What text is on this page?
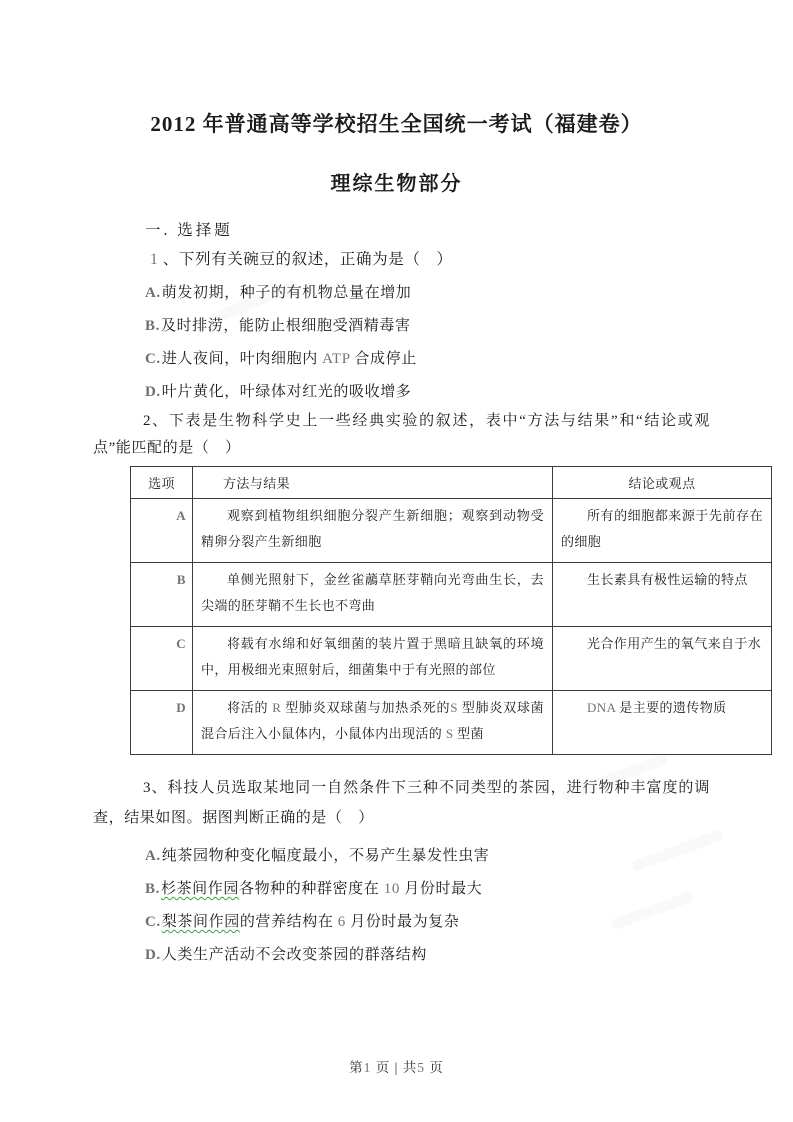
2012 年普通高等学校招生全国统一考试（福建卷）
理综生物部分

一. 选择题

1 、下列有关碗豆的叙述，正确为是（　）

A.萌发初期，种子的有机物总量在增加

B.及时排涝，能防止根细胞受酒精毒害

C.进人夜间，叶肉细胞内 ATP 合成停止

D.叶片黄化，叶绿体对红光的吸收增多

2、下表是生物科学史上一些经典实验的叙述，表中“方法与结果”和“结论或观点”能匹配的是（　）

选项	方法与结果	结论或观点
A	观察到植物组织细胞分裂产生新细胞；观察到动物受精卵分裂产生新细胞	所有的细胞都来源于先前存在的细胞
B	单侧光照射下，金丝雀虉草胚芽鞘向光弯曲生长，去尖端的胚芽鞘不生长也不弯曲	生长素具有极性运输的特点
C	将载有水绵和好氧细菌的装片置于黑暗且缺氧的环境中，用极细光束照射后，细菌集中于有光照的部位	光合作用产生的氧气来自于水
D	将活的 R 型肺炎双球菌与加热杀死的S 型肺炎双球菌混合后注入小鼠体内，小鼠体内出现活的 S 型菌	DNA 是主要的遗传物质

3、科技人员选取某地同一自然条件下三种不同类型的茶园，进行物种丰富度的调查，结果如图。据图判断正确的是（　）

A.纯茶园物种变化幅度最小，不易产生暴发性虫害

B.杉茶间作园各物种的种群密度在 10 月份时最大

C.梨茶间作园的营养结构在 6 月份时最为复杂

D.人类生产活动不会改变茶园的群落结构

第1 页 | 共5 页
